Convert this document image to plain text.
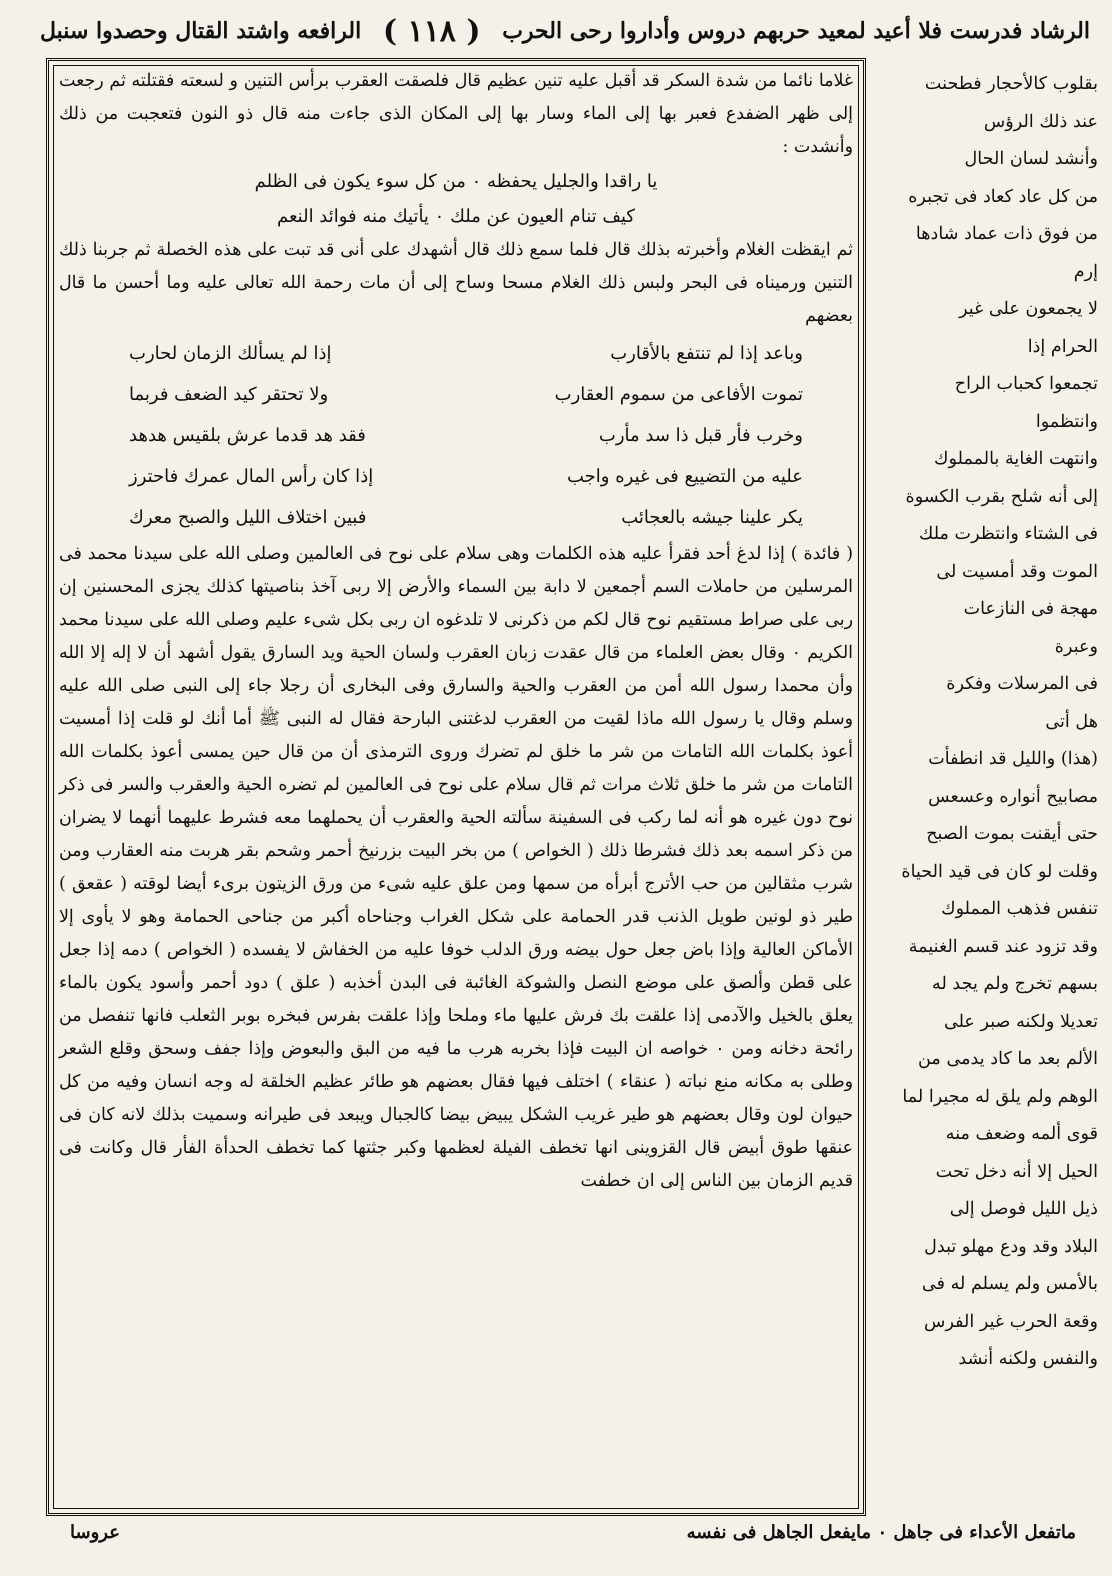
الرافعه واشتد القتال وحصدوا سنبل ( ١١٨ ) الرشاد فدرست فلا أعيد لمعيد حربهم دروس وأداروا رحى الحرب

غلاما نائما من شدة السكر قد أقبل عليه تنين عظيم قال فلصقت العقرب برأس التنين و لسعته فقتلته ثم رجعت إلى ظهر الضفدع فعبر بها إلى الماء وسار بها إلى المكان الذى جاءت منه قال ذو النون فتعجبت من ذلك وأنشدت :

يا راقدا والجليل يحفظه ۰ من كل سوء يكون فى الظلم
كيف تنام العيون عن ملك ۰ يأتيك منه فوائد النعم

ثم ايقظت الغلام وأخبرته بذلك قال فلما سمع ذلك قال أشهدك على أنى قد تبت على هذه الخصلة ثم جربنا ذلك التنين ورميناه فى البحر ولبس ذلك الغلام مسحا وساح إلى أن مات رحمة الله تعالى عليه وما أحسن ما قال بعضهم

إذا لم يسألك الزمان لحارب	وباعد إذا لم تنتفع بالأقارب
ولا تحتقر كيد الضعف فربما	تموت الأفاعى من سموم العقارب
فقد هد قدما عرش بلقيس هدهد	وخرب فأر قبل ذا سد مأرب
إذا كان رأس المال عمرك فاحترز	عليه من التضييع فى غيره واجب
فبين اختلاف الليل والصبح معرك	يكر علينا جيشه بالعجائب

( فائدة ) إذا لدغ أحد فقرأ عليه هذه الكلمات وهى سلام على نوح فى العالمين وصلى الله على سيدنا محمد فى المرسلين من حاملات السم أجمعين لا دابة بين السماء والأرض إلا ربى آخذ بناصيتها كذلك يجزى المحسنين إن ربى على صراط مستقيم نوح قال لكم من ذكرنى لا تلدغوه ان ربى بكل شىء عليم وصلى الله على سيدنا محمد الكريم ۰ وقال بعض العلماء من قال عقدت زبان العقرب ولسان الحية ويد السارق يقول أشهد أن لا إله إلا الله وأن محمدا رسول الله أمن من العقرب والحية والسارق وفى البخارى أن رجلا جاء إلى النبى صلى الله عليه وسلم وقال يا رسول الله ماذا لقيت من العقرب لدغتنى البارحة فقال له النبى ﷺ أما أنك لو قلت إذا أمسيت أعوذ بكلمات الله التامات من شر ما خلق لم تضرك وروى الترمذى أن من قال حين يمسى أعوذ بكلمات الله التامات من شر ما خلق ثلاث مرات ثم قال سلام على نوح فى العالمين لم تضره الحية والعقرب والسر فى ذكر نوح دون غيره هو أنه لما ركب فى السفينة سألته الحية والعقرب أن يحملهما معه فشرط عليهما أنهما لا يضران من ذكر اسمه بعد ذلك فشرطا ذلك ( الخواص ) من بخر البيت بزرنيخ أحمر وشحم بقر هربت منه العقارب ومن شرب مثقالين من حب الأترج أبرأه من سمها ومن علق عليه شىء من ورق الزيتون برىء أيضا لوقته ( عقعق ) طير ذو لونين طويل الذنب قدر الحمامة على شكل الغراب وجناحاه أكبر من جناحى الحمامة وهو لا يأوى إلا الأماكن العالية وإذا باض جعل حول بيضه ورق الدلب خوفا عليه من الخفاش لا يفسده ( الخواص ) دمه إذا جعل على قطن وألصق على موضع النصل والشوكة الغائبة فى البدن أخذبه ( علق ) دود أحمر وأسود يكون بالماء يعلق بالخيل والآدمى إذا علقت بك فرش عليها ماء وملحا وإذا علقت بفرس فبخره بوبر الثعلب فانها تنفصل من رائحة دخانه ومن ۰ خواصه ان البيت فإذا بخربه هرب ما فيه من البق والبعوض وإذا جفف وسحق وقلع الشعر وطلى به مكانه منع نباته ( عنقاء ) اختلف فيها فقال بعضهم هو طائر عظيم الخلقة له وجه انسان وفيه من كل حيوان لون وقال بعضهم هو طير غريب الشكل يبيض بيضا كالجبال ويبعد فى طيرانه وسميت بذلك لانه كان فى عنقها طوق أبيض قال القزوينى انها تخطف الفيلة لعظمها وكبر جثتها كما تخطف الحدأة الفأر قال وكانت فى قديم الزمان بين الناس إلى ان خطفت

بقلوب كالأحجار فطحنت

عند ذلك الرؤس

وأنشد لسان الحال

من كل عاد كعاد فى تجبره

من فوق ذات عماد شادها

إرم

لا يجمعون على غير

الحرام إذا

تجمعوا كحباب الراح

وانتظموا

وانتهت الغاية بالمملوك

إلى أنه شلح بقرب الكسوة

فى الشتاء وانتظرت ملك

الموت وقد أمسيت لى

مهجة فى النازعات

وعبرة

فى المرسلات وفكرة

هل أتى

(هذا) والليل قد انطفأت

مصابيح أنواره وعسعس

حتى أيقنت بموت الصبح

وقلت لو كان فى قيد الحياة

تنفس فذهب المملوك

وقد تزود عند قسم الغنيمة

بسهم تخرج ولم يجد له

تعديلا ولكنه صبر على

الألم بعد ما كاد يدمى من

الوهم ولم يلق له مجيرا لما

قوى ألمه وضعف منه

الحيل إلا أنه دخل تحت

ذيل الليل فوصل إلى

البلاد وقد ودع مهلو تبدل

بالأمس ولم يسلم له فى

وقعة الحرب غير الفرس

والنفس ولكنه أنشد

ماتفعل الأعداء فى جاهل ۰ مايفعل الجاهل فى نفسه
عروسا
